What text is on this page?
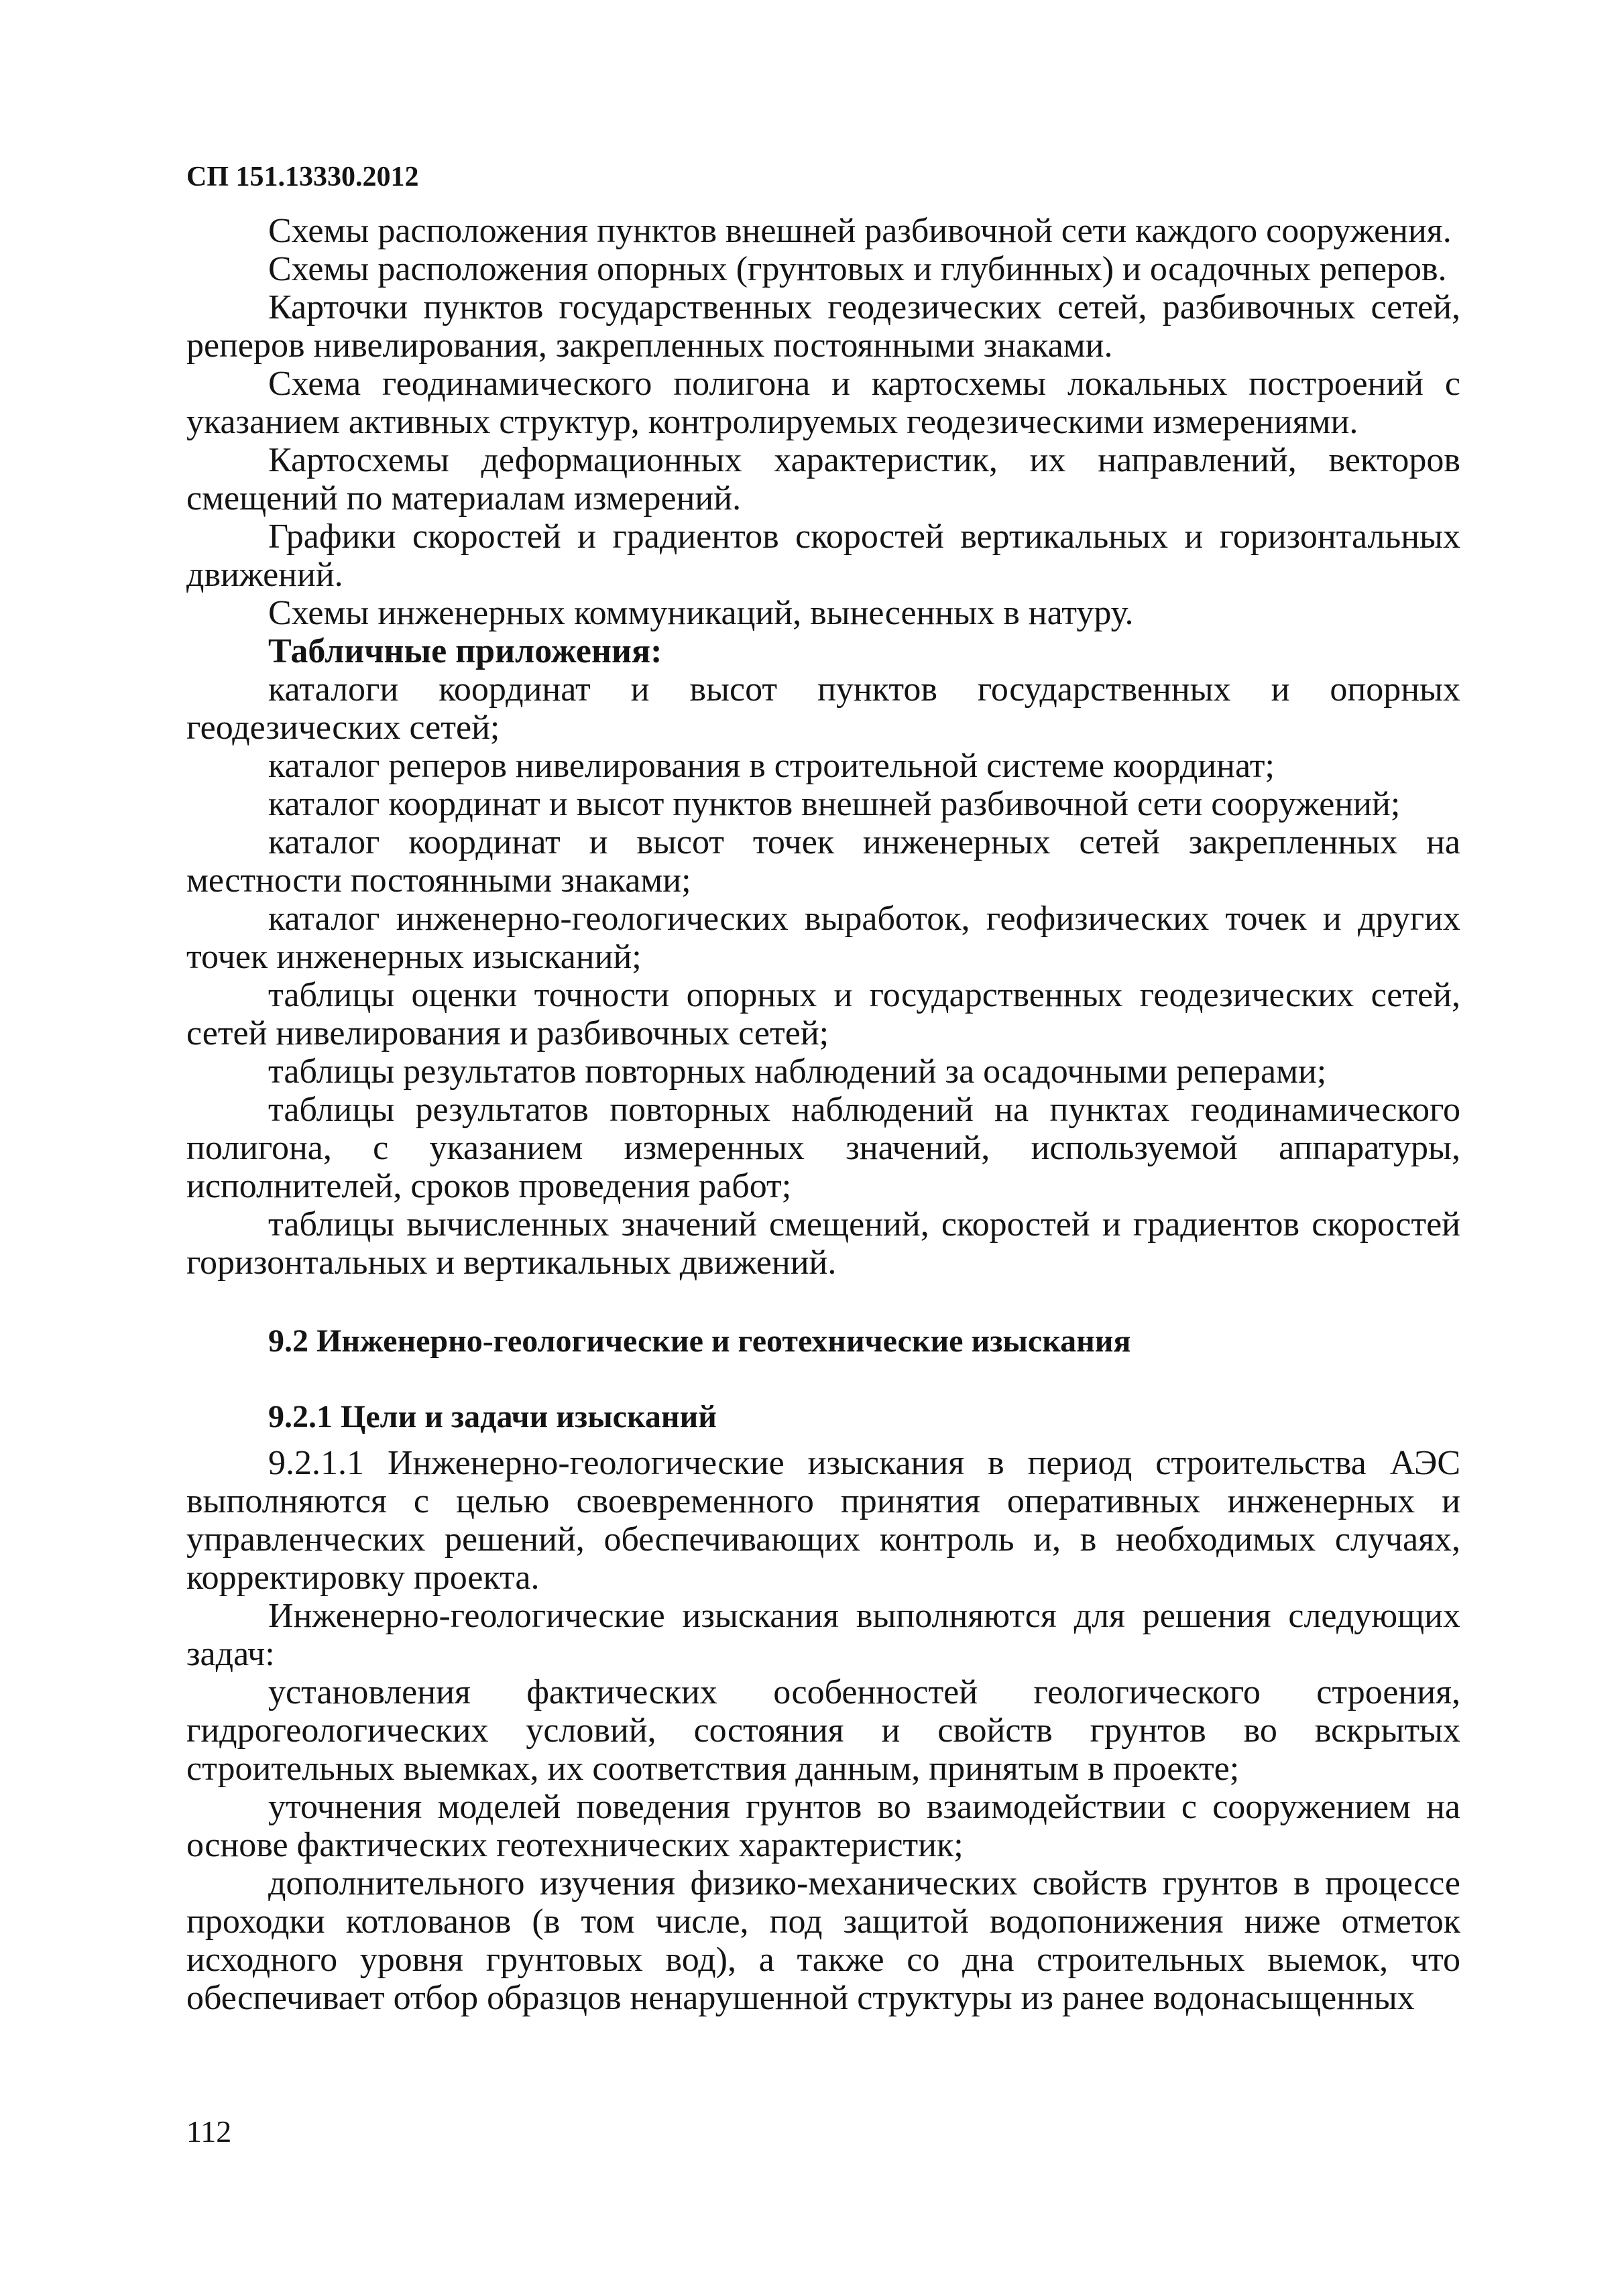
СП 151.13330.2012

Схемы расположения пунктов внешней разбивочной сети каждого сооружения.

Схемы расположения опорных (грунтовых и глубинных) и осадочных реперов.

Карточки пунктов государственных геодезических сетей, разбивочных сетей, реперов нивелирования, закрепленных постоянными знаками.

Схема геодинамического полигона и картосхемы локальных построений с указанием активных структур, контролируемых геодезическими измерениями.

Картосхемы деформационных характеристик, их направлений, векторов смещений по материалам измерений.

Графики скоростей и градиентов скоростей вертикальных и горизонтальных движений.

Схемы инженерных коммуникаций, вынесенных в натуру.

Табличные приложения:

каталоги координат и высот пунктов государственных и опорных геодезических сетей;

каталог реперов нивелирования в строительной системе координат;

каталог координат и высот пунктов внешней разбивочной сети сооружений;

каталог координат и высот точек инженерных сетей закрепленных на местности постоянными знаками;

каталог инженерно-геологических выработок, геофизических точек и других точек инженерных изысканий;

таблицы оценки точности опорных и государственных геодезических сетей, сетей нивелирования и разбивочных сетей;

таблицы результатов повторных наблюдений за осадочными реперами;

таблицы результатов повторных наблюдений на пунктах геодинамического полигона, с указанием измеренных значений, используемой аппаратуры, исполнителей, сроков проведения работ;

таблицы вычисленных значений смещений, скоростей и градиентов скоростей горизонтальных и вертикальных движений.

9.2 Инженерно-геологические и геотехнические изыскания
9.2.1 Цели и задачи изысканий

9.2.1.1 Инженерно-геологические изыскания в период строительства АЭС выполняются с целью своевременного принятия оперативных инженерных и управленческих решений, обеспечивающих контроль и, в необходимых случаях, корректировку проекта.

Инженерно-геологические изыскания выполняются для решения следующих задач:

установления фактических особенностей геологического строения, гидрогеологических условий, состояния и свойств грунтов во вскрытых строительных выемках, их соответствия данным, принятым в проекте;

уточнения моделей поведения грунтов во взаимодействии с сооружением на основе фактических геотехнических характеристик;

дополнительного изучения физико-механических свойств грунтов в процессе проходки котлованов (в том числе, под защитой водопонижения ниже отметок исходного уровня грунтовых вод), а также со дна строительных выемок, что обеспечивает отбор образцов ненарушенной структуры из ранее водонасыщенных

112
